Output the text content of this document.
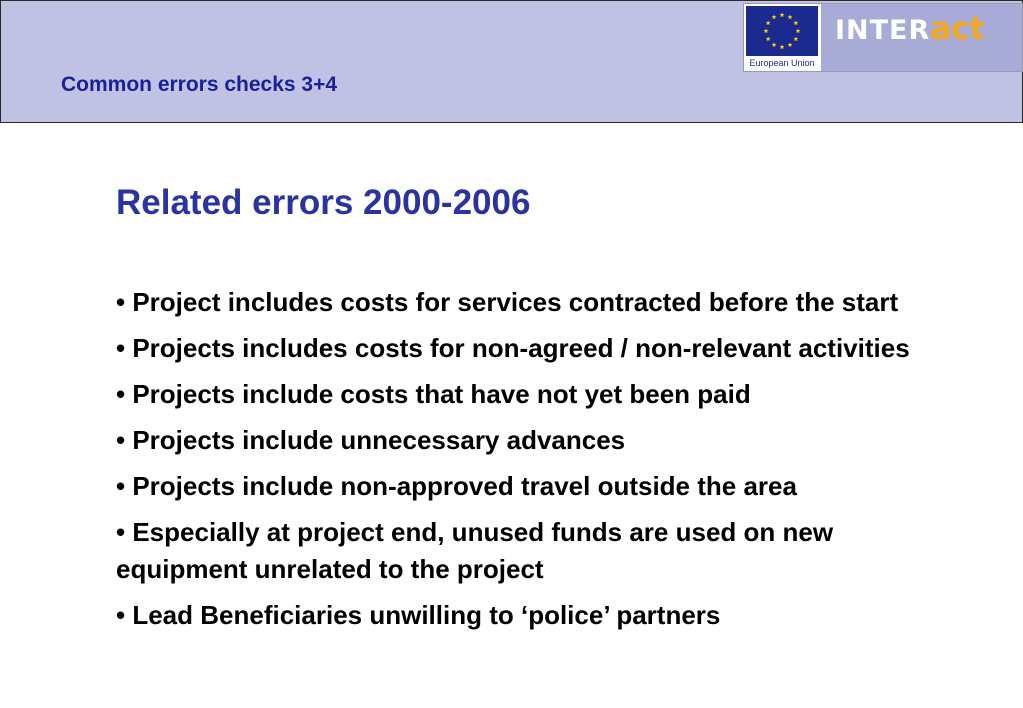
Common errors checks 3+4
European Union
INTERact
Related errors 2000-2006
• Project includes costs for services contracted before the start
• Projects includes costs for non-agreed / non-relevant activities
• Projects include costs that have not yet been paid
• Projects include unnecessary advances
• Projects include non-approved travel outside the area
• Especially at project end, unused funds are used on new equipment unrelated to the project
• Lead Beneficiaries unwilling to ‘police’ partners
